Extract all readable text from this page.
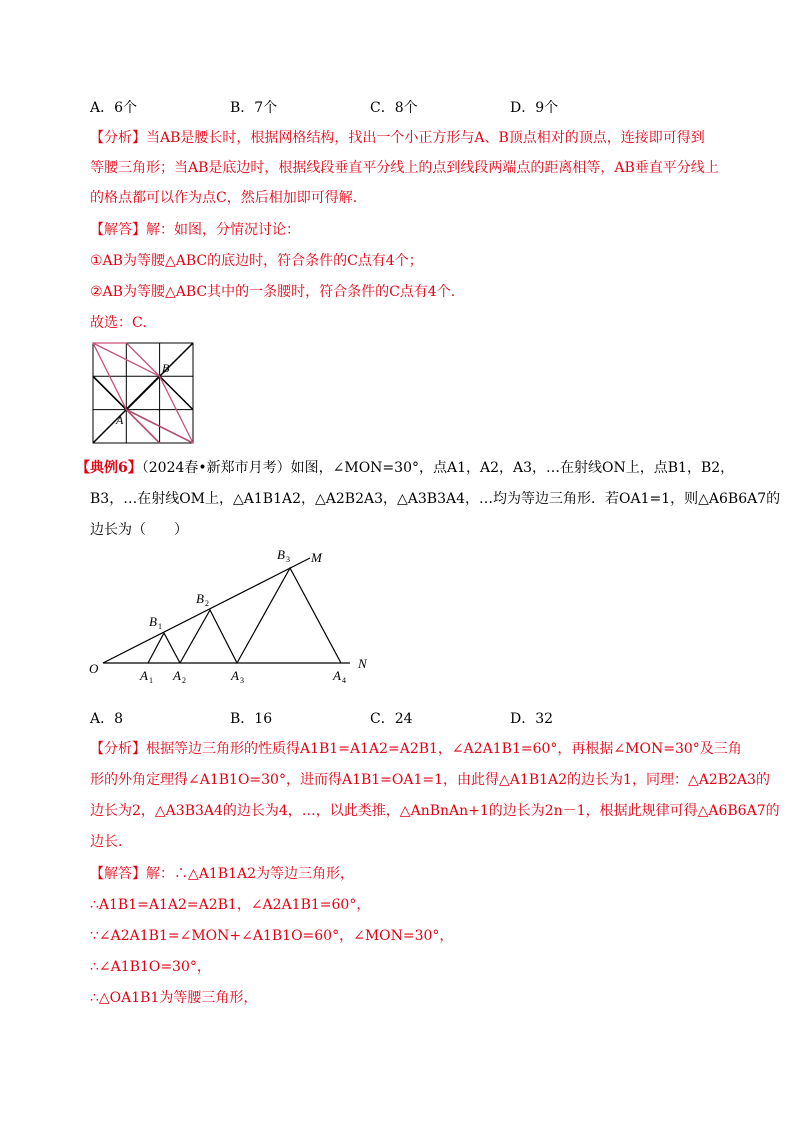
A．6个	B．7个	C．8个	D．9个
【分析】当AB是腰长时，根据网格结构，找出一个小正方形与A、B顶点相对的顶点，连接即可得到
等腰三角形；当AB是底边时，根据线段垂直平分线上的点到线段两端点的距离相等，AB垂直平分线上
的格点都可以作为点C，然后相加即可得解.
【解答】解：如图，分情况讨论：
①AB为等腰△ABC的底边时，符合条件的C点有4个；
②AB为等腰△ABC其中的一条腰时，符合条件的C点有4个.
故选：C.
B
A
【典例6】（2024春•新郑市月考）如图，∠MON=30°，点A1，A2，A3，…在射线ON上，点B1，B2，
B3，…在射线OM上，△A1B1A2，△A2B2A3，△A3B3A4，…均为等边三角形．若OA1=1，则△A6B6A7的
边长为（　　）
O	N
M
A A	A	A
B
B
B
1	2	3	4
1
2
3
A．8	B．16	C．24	D．32
【分析】根据等边三角形的性质得A1B1=A1A2=A2B1，∠A2A1B1=60°，再根据∠MON=30°及三角
形的外角定理得∠A1B1O=30°，进而得A1B1=OA1=1，由此得△A1B1A2的边长为1，同理：△A2B2A3的
边长为2，△A3B3A4的边长为4，…，以此类推，△AnBnAn+1的边长为2n－1，根据此规律可得△A6B6A7的
边长.
【解答】解：∴△A1B1A2为等边三角形，
∴A1B1=A1A2=A2B1，∠A2A1B1=60°，
∵∠A2A1B1=∠MON+∠A1B1O=60°，∠MON=30°，
∴∠A1B1O=30°，
∴△OA1B1为等腰三角形，
